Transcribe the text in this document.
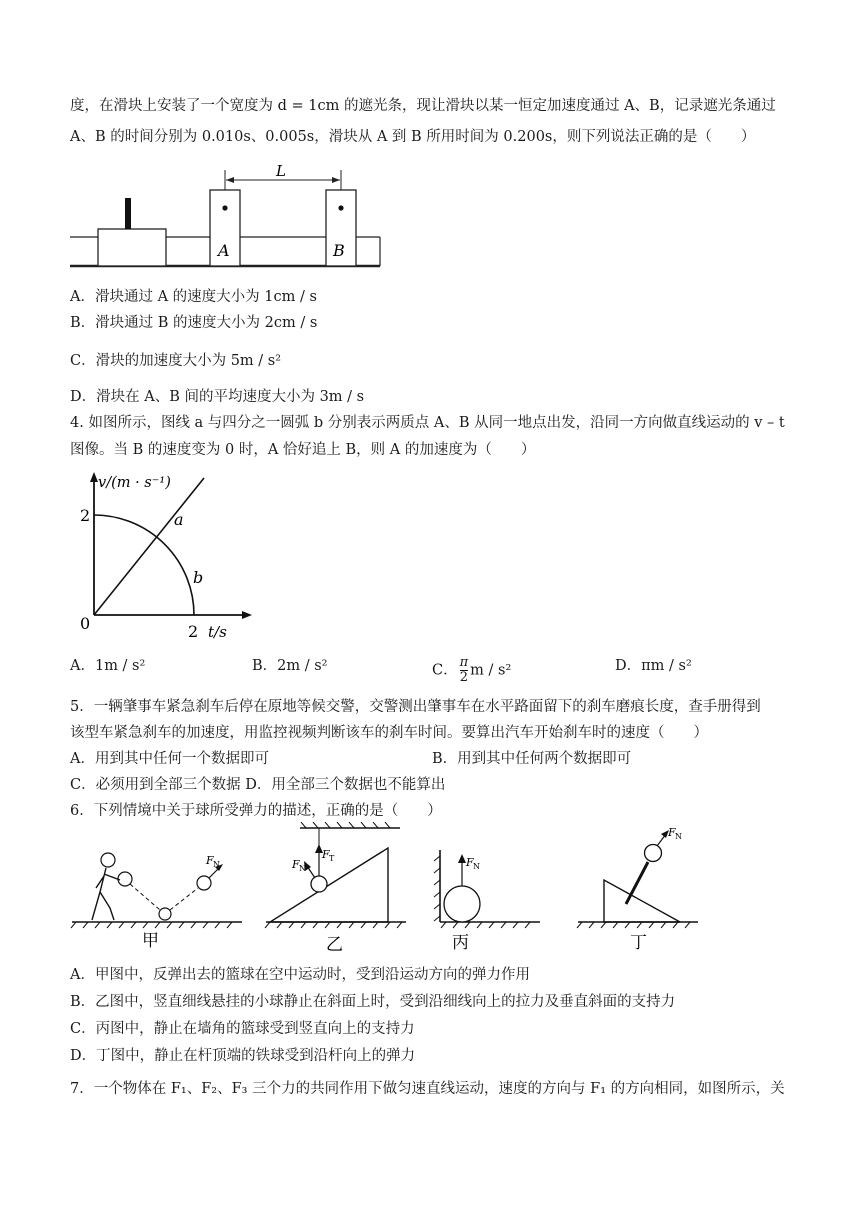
度，在滑块上安装了一个宽度为 d = 1cm 的遮光条，现让滑块以某一恒定加速度通过 A、B，记录遮光条通过
A、B 的时间分别为 0.010s、0.005s，滑块从 A 到 B 所用时间为 0.200s，则下列说法正确的是（　　）
L
A	B
A．滑块通过 A 的速度大小为 1cm / s
B．滑块通过 B 的速度大小为 2cm / s
C．滑块的加速度大小为 5m / s²
D．滑块在 A、B 间的平均速度大小为 3m / s
4. 如图所示，图线 a 与四分之一圆弧 b 分别表示两质点 A、B 从同一地点出发，沿同一方向做直线运动的 v – t
图像。当 B 的速度变为 0 时，A 恰好追上 B，则 A 的加速度为（　　）
v/(m · s⁻¹)
t/s
0
2
2
a
b
A．1m / s²	B．2m / s²	C． $\frac{\pi}{2}$ m / s²	D．πm / s²
5．一辆肇事车紧急刹车后停在原地等候交警，交警测出肇事车在水平路面留下的刹车磨痕长度，查手册得到
该型车紧急刹车的加速度，用监控视频判断该车的刹车时间。要算出汽车开始刹车时的速度（　　）
A．用到其中任何一个数据即可	B．用到其中任何两个数据即可
C．必须用到全部三个数据 D．用全部三个数据也不能算出
6．下列情境中关于球所受弹力的描述，正确的是（　　）
F N
甲
F T
F N
乙
F N
丙
F N
丁
A．甲图中，反弹出去的篮球在空中运动时，受到沿运动方向的弹力作用
B．乙图中，竖直细线悬挂的小球静止在斜面上时，受到沿细线向上的拉力及垂直斜面的支持力
C．丙图中，静止在墙角的篮球受到竖直向上的支持力
D．丁图中，静止在杆顶端的铁球受到沿杆向上的弹力
7．一个物体在 F₁、F₂、F₃ 三个力的共同作用下做匀速直线运动，速度的方向与 F₁ 的方向相同，如图所示，关
